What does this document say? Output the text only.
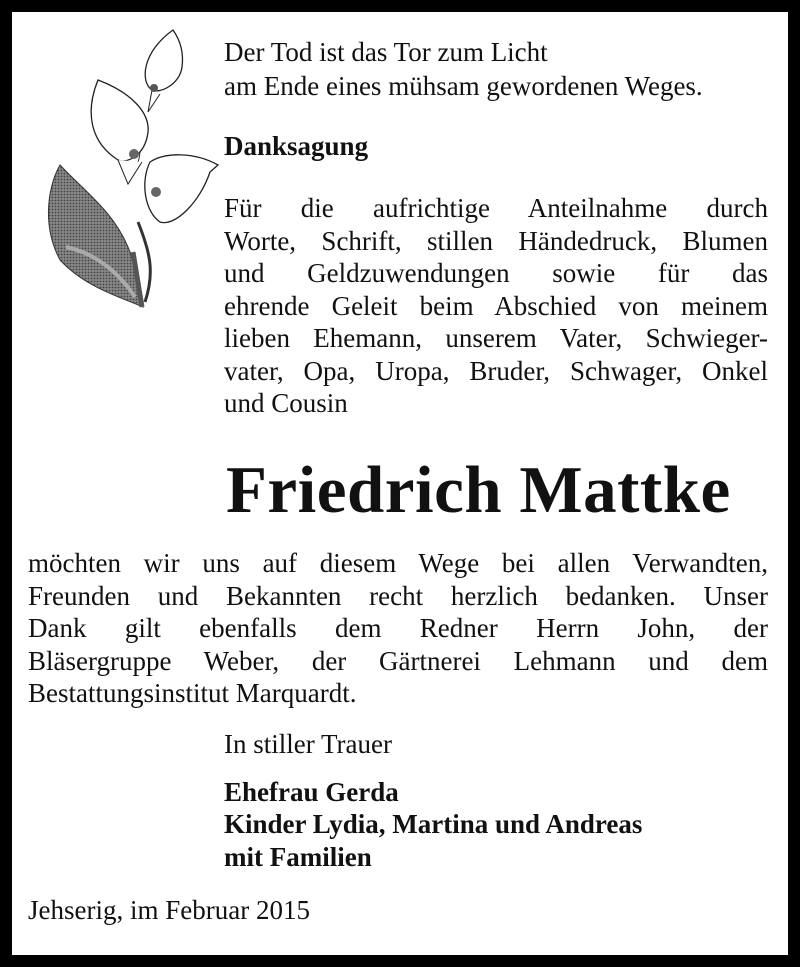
Der Tod ist das Tor zum Licht
am Ende eines mühsam gewordenen Weges.
Danksagung
Für die aufrichtige Anteilnahme durch
Worte, Schrift, stillen Händedruck, Blumen
und Geldzuwendungen sowie für das
ehrende Geleit beim Abschied von meinem
lieben Ehemann, unserem Vater, Schwieger-
vater, Opa, Uropa, Bruder, Schwager, Onkel
und Cousin
Friedrich Mattke
möchten wir uns auf diesem Wege bei allen Verwandten,
Freunden und Bekannten recht herzlich bedanken. Unser
Dank gilt ebenfalls dem Redner Herrn John, der
Bläsergruppe Weber, der Gärtnerei Lehmann und dem
Bestattungsinstitut Marquardt.
In stiller Trauer
Ehefrau Gerda
Kinder Lydia, Martina und Andreas
mit Familien
Jehserig, im Februar 2015
